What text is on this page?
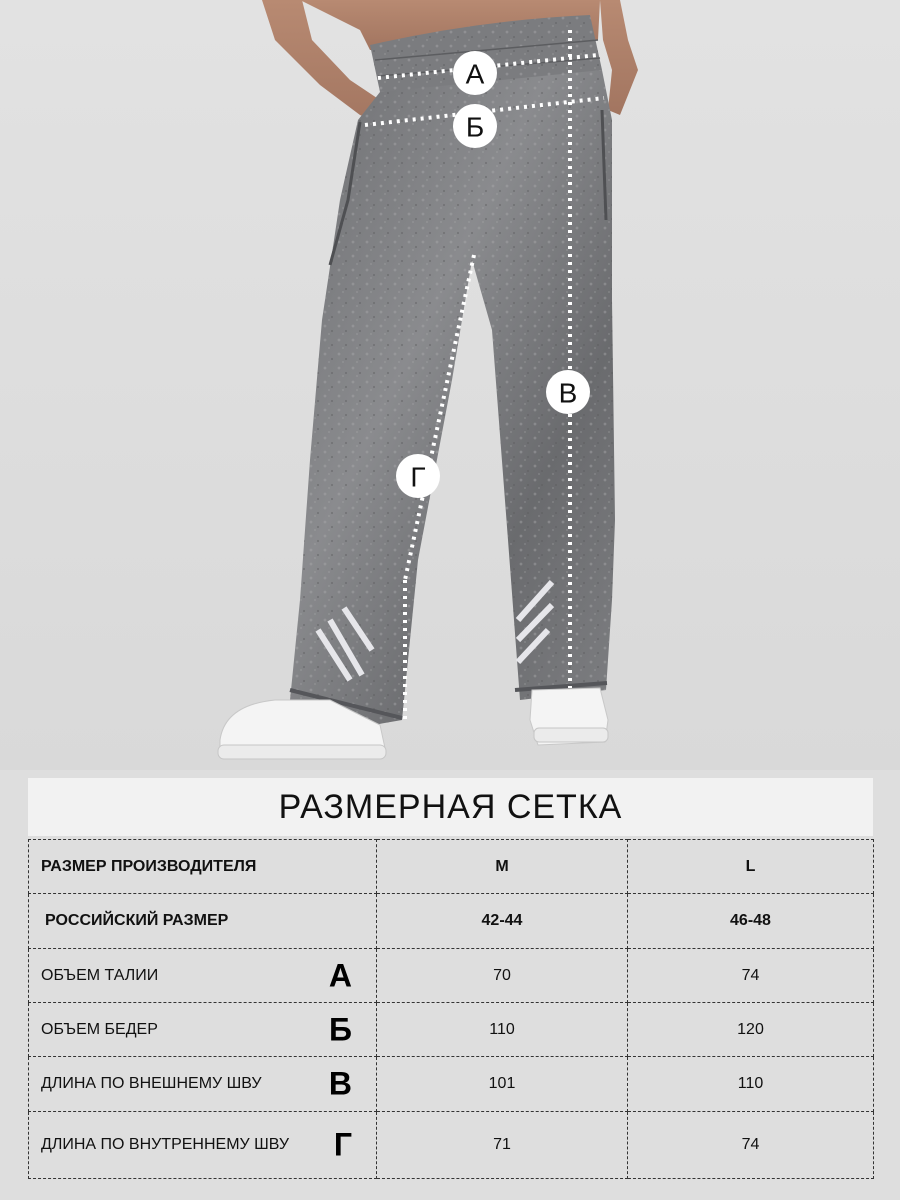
А
Б
В
Г
РАЗМЕРНАЯ СЕТКА
РАЗМЕР ПРОИЗВОДИТЕЛЯ	M	L
РОССИЙСКИЙ РАЗМЕР	42-44	46-48
ОБЪЕМ ТАЛИИ А	70	74
ОБЪЕМ БЕДЕР Б	110	120
ДЛИНА ПО ВНЕШНЕМУ ШВУ В	101	110
ДЛИНА ПО ВНУТРЕННЕМУ ШВУ Г	71	74
